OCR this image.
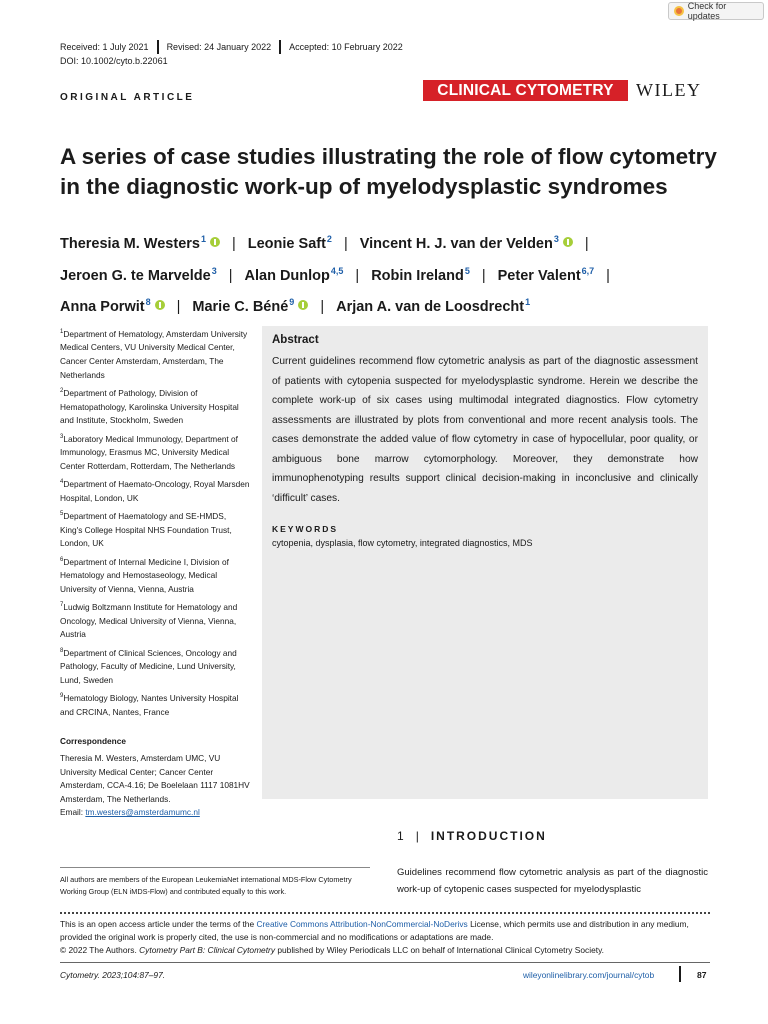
Check for updates
Received: 1 July 2021 Revised: 24 January 2022 Accepted: 10 February 2022
DOI: 10.1002/cyto.b.22061
ORIGINAL ARTICLE	CLINICAL CYTOMETRY	WILEY
A series of case studies illustrating the role of flow cytometry in the diagnostic work-up of myelodysplastic syndromes
Theresia M. Westers$^1$ | Leonie Saft$^2$ | Vincent H. J. van der Velden$^3$ |
Jeroen G. te Marvelde$^3$ | Alan Dunlop$^{4,5}$ | Robin Ireland$^5$ | Peter Valent$^{6,7}$ |
Anna Porwit$^8$ | Marie C. Béné$^9$ | Arjan A. van de Loosdrecht$^1$

$^1$Department of Hematology, Amsterdam University Medical Centers, VU University Medical Center, Cancer Center Amsterdam, Amsterdam, The Netherlands

$^2$Department of Pathology, Division of Hematopathology, Karolinska University Hospital and Institute, Stockholm, Sweden

$^3$Laboratory Medical Immunology, Department of Immunology, Erasmus MC, University Medical Center Rotterdam, Rotterdam, The Netherlands

$^4$Department of Haemato-Oncology, Royal Marsden Hospital, London, UK

$^5$Department of Haematology and SE-HMDS, King's College Hospital NHS Foundation Trust, London, UK

$^6$Department of Internal Medicine I, Division of Hematology and Hemostaseology, Medical University of Vienna, Vienna, Austria

$^7$Ludwig Boltzmann Institute for Hematology and Oncology, Medical University of Vienna, Vienna, Austria

$^8$Department of Clinical Sciences, Oncology and Pathology, Faculty of Medicine, Lund University, Lund, Sweden

$^9$Hematology Biology, Nantes University Hospital and CRCINA, Nantes, France

Correspondence

Theresia M. Westers, Amsterdam UMC, VU University Medical Center; Cancer Center Amsterdam, CCA-4.16; De Boelelaan 1117 1081HV Amsterdam, The Netherlands.
Email: tm.westers@amsterdamumc.nl

Abstract

Current guidelines recommend flow cytometric analysis as part of the diagnostic assessment of patients with cytopenia suspected for myelodysplastic syndrome. Herein we describe the complete work-up of six cases using multimodal integrated diagnostics. Flow cytometry assessments are illustrated by plots from conventional and more recent analysis tools. The cases demonstrate the added value of flow cytometry in case of hypocellular, poor quality, or ambiguous bone marrow cytomorphology. Moreover, they demonstrate how immunophenotyping results support clinical decision-making in inconclusive and clinically ‘difficult’ cases.

KEYWORDS

cytopenia, dysplasia, flow cytometry, integrated diagnostics, MDS

1 | INTRODUCTION
Guidelines recommend flow cytometric analysis as part of the diagnostic work-up of cytopenic cases suspected for myelodysplastic
All authors are members of the European LeukemiaNet international MDS-Flow Cytometry Working Group (ELN iMDS-Flow) and contributed equally to this work.
This is an open access article under the terms of the Creative Commons Attribution-NonCommercial-NoDerivs License, which permits use and distribution in any medium, provided the original work is properly cited, the use is non-commercial and no modifications or adaptations are made.
© 2022 The Authors. Cytometry Part B: Clinical Cytometry published by Wiley Periodicals LLC on behalf of International Clinical Cytometry Society.
Cytometry. 2023;104:87–97.	wileyonlinelibrary.com/journal/cytob	87
